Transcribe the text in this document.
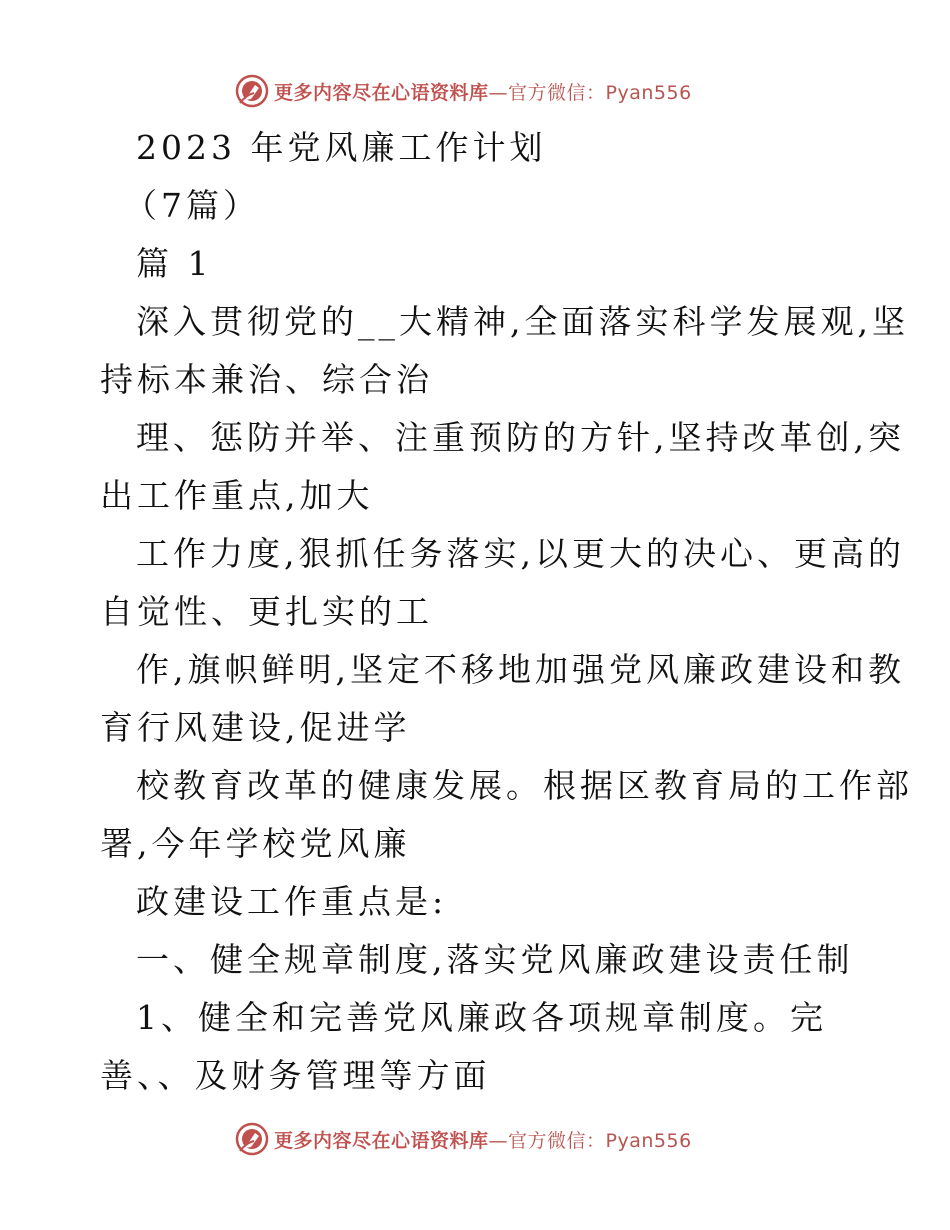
更多内容尽在心语资料库—官方微信：Pyan556
2023 年党风廉工作计划
（7篇）
篇 1
深入贯彻党的__大精神,全面落实科学发展观,坚
持标本兼治、综合治
理、惩防并举、注重预防的方针,坚持改革创,突
出工作重点,加大
工作力度,狠抓任务落实,以更大的决心、更高的
自觉性、更扎实的工
作,旗帜鲜明,坚定不移地加强党风廉政建设和教
育行风建设,促进学
校教育改革的健康发展。根据区教育局的工作部
署,今年学校党风廉
政建设工作重点是:
一、健全规章制度,落实党风廉政建设责任制
1、健全和完善党风廉政各项规章制度。完
善、、及财务管理等方面
更多内容尽在心语资料库—官方微信：Pyan556
